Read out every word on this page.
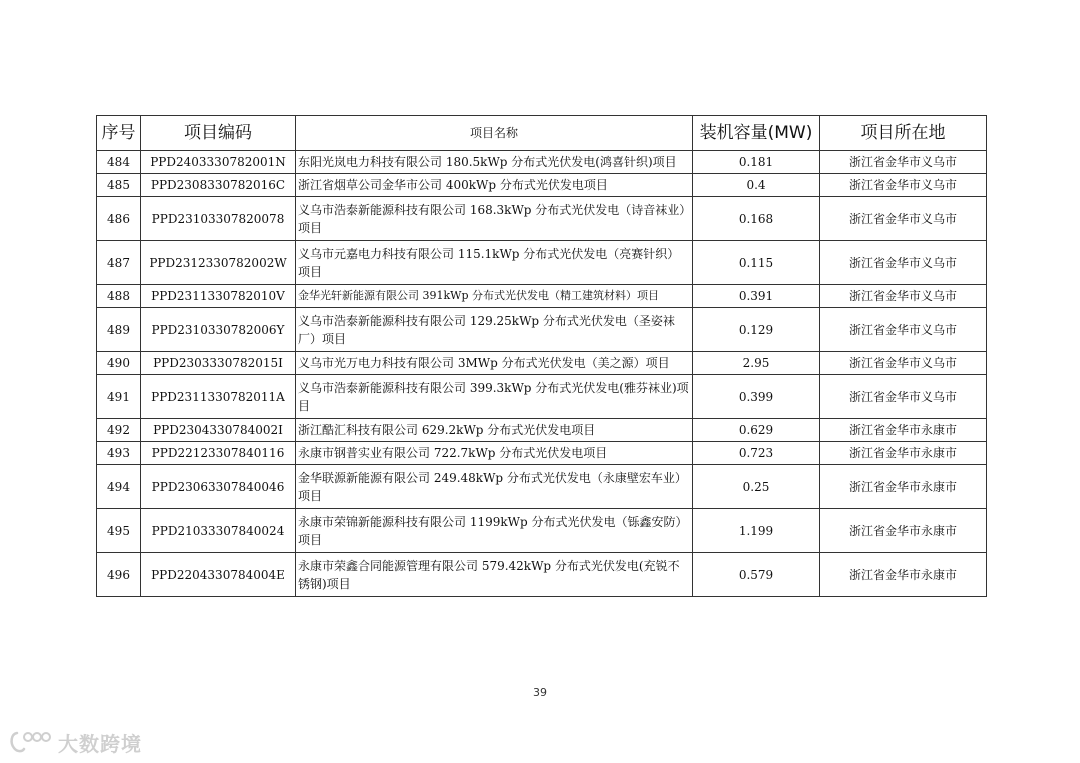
序号	项目编码	项目名称	装机容量(MW)	项目所在地
484	PPD2403330782001N	东阳光岚电力科技有限公司 180.5kWp 分布式光伏发电(鸿喜针织)项目	0.181	浙江省金华市义乌市
485	PPD2308330782016C	浙江省烟草公司金华市公司 400kWp 分布式光伏发电项目	0.4	浙江省金华市义乌市
486	PPD23103307820078	义乌市浩泰新能源科技有限公司 168.3kWp 分布式光伏发电（诗音袜业）项目	0.168	浙江省金华市义乌市
487	PPD2312330782002W	义乌市元嘉电力科技有限公司 115.1kWp 分布式光伏发电（亮赛针织）项目	0.115	浙江省金华市义乌市
488	PPD2311330782010V	金华光轩新能源有限公司 391kWp 分布式光伏发电（精工建筑材料）项目	0.391	浙江省金华市义乌市
489	PPD2310330782006Y	义乌市浩泰新能源科技有限公司 129.25kWp 分布式光伏发电（圣姿袜厂）项目	0.129	浙江省金华市义乌市
490	PPD2303330782015I	义乌市光万电力科技有限公司 3MWp 分布式光伏发电（美之源）项目	2.95	浙江省金华市义乌市
491	PPD2311330782011A	义乌市浩泰新能源科技有限公司 399.3kWp 分布式光伏发电(雅芬袜业)项目	0.399	浙江省金华市义乌市
492	PPD2304330784002I	浙江酷汇科技有限公司 629.2kWp 分布式光伏发电项目	0.629	浙江省金华市永康市
493	PPD22123307840116	永康市钢普实业有限公司 722.7kWp 分布式光伏发电项目	0.723	浙江省金华市永康市
494	PPD23063307840046	金华联源新能源有限公司 249.48kWp 分布式光伏发电（永康壁宏车业）项目	0.25	浙江省金华市永康市
495	PPD21033307840024	永康市荣锦新能源科技有限公司 1199kWp 分布式光伏发电（铄鑫安防）项目	1.199	浙江省金华市永康市
496	PPD2204330784004E	永康市荣鑫合同能源管理有限公司 579.42kWp 分布式光伏发电(充锐不锈钢)项目	0.579	浙江省金华市永康市
39
大数跨境
